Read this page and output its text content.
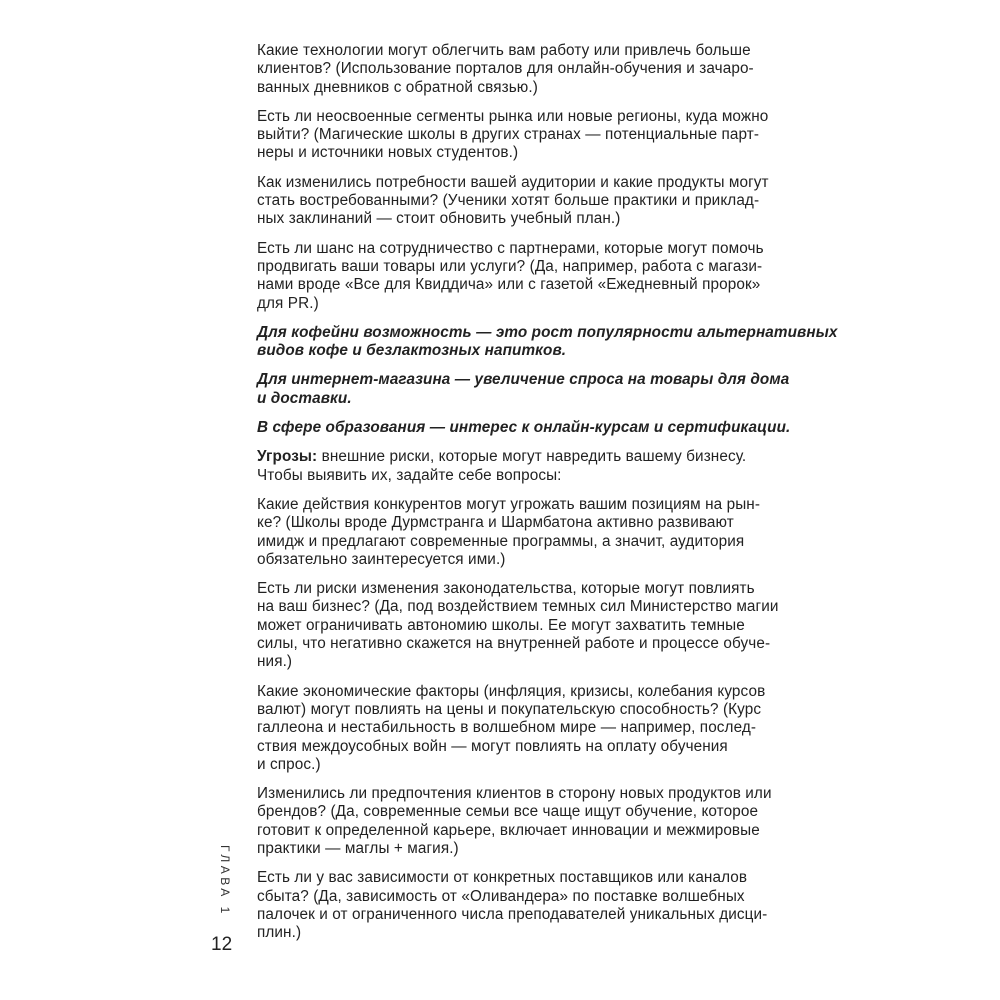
Какие технологии могут облегчить вам работу или привлечь больше
клиентов? (Использование порталов для онлайн-обучения и зачаро-
ванных дневников с обратной связью.)

Есть ли неосвоенные сегменты рынка или новые регионы, куда можно
выйти? (Магические школы в других странах — потенциальные парт-
неры и источники новых студентов.)

Как изменились потребности вашей аудитории и какие продукты могут
стать востребованными? (Ученики хотят больше практики и приклад-
ных заклинаний — стоит обновить учебный план.)

Есть ли шанс на сотрудничество с партнерами, которые могут помочь
продвигать ваши товары или услуги? (Да, например, работа с магази-
нами вроде «Все для Квиддича» или с газетой «Ежедневный пророк»
для PR.)

Для кофейни возможность — это рост популярности альтернативных
видов кофе и безлактозных напитков.

Для интернет-магазина — увеличение спроса на товары для дома
и доставки.

В сфере образования — интерес к онлайн-курсам и сертификации.

Угрозы: внешние риски, которые могут навредить вашему бизнесу.
Чтобы выявить их, задайте себе вопросы:

Какие действия конкурентов могут угрожать вашим позициям на рын-
ке? (Школы вроде Дурмстранга и Шармбатона активно развивают
имидж и предлагают современные программы, а значит, аудитория
обязательно заинтересуется ими.)

Есть ли риски изменения законодательства, которые могут повлиять
на ваш бизнес? (Да, под воздействием темных сил Министерство магии
может ограничивать автономию школы. Ее могут захватить темные
силы, что негативно скажется на внутренней работе и процессе обуче-
ния.)

Какие экономические факторы (инфляция, кризисы, колебания курсов
валют) могут повлиять на цены и покупательскую способность? (Курс
галлеона и нестабильность в волшебном мире — например, послед-
ствия междоусобных войн — могут повлиять на оплату обучения
и спрос.)

Изменились ли предпочтения клиентов в сторону новых продуктов или
брендов? (Да, современные семьи все чаще ищут обучение, которое
готовит к определенной карьере, включает инновации и межмировые
практики — маглы + магия.)

Есть ли у вас зависимости от конкретных поставщиков или каналов
сбыта? (Да, зависимость от «Оливандера» по поставке волшебных
палочек и от ограниченного числа преподавателей уникальных дисци-
плин.)

ГЛАВА 1
12
